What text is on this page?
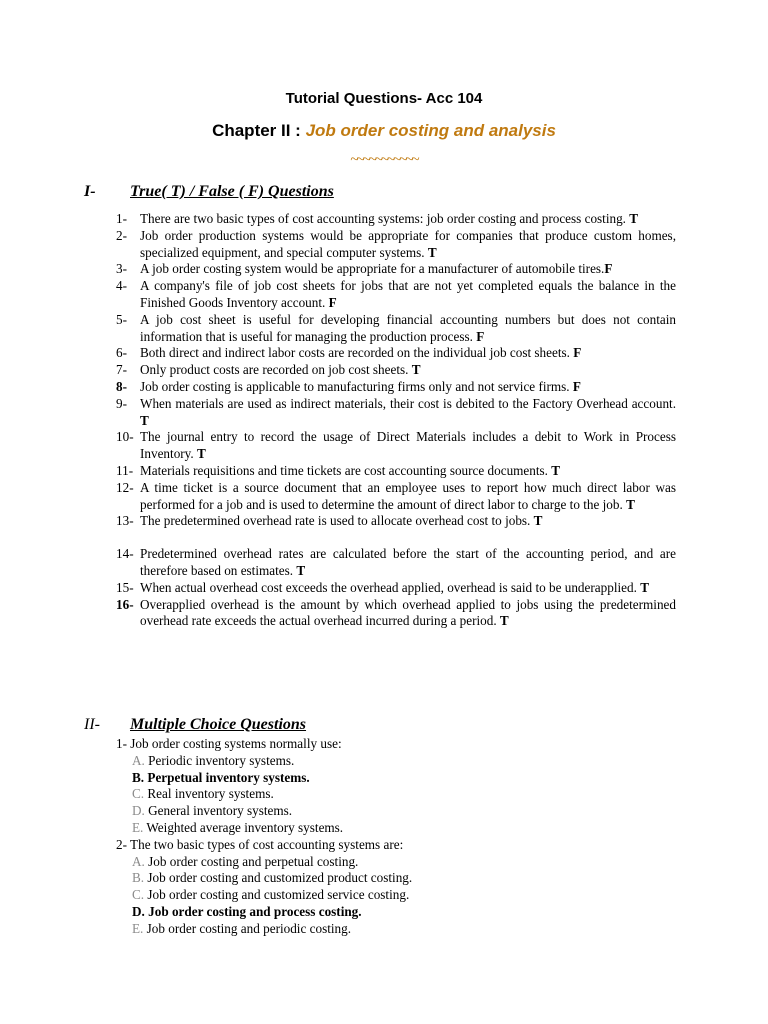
Tutorial Questions- Acc 104
Chapter II : Job order costing and analysis
~~~~~~~~~~~
I- True( T) / False ( F) Questions
1- There are two basic types of cost accounting systems: job order costing and process costing. T
2- Job order production systems would be appropriate for companies that produce custom homes, specialized equipment, and special computer systems. T
3- A job order costing system would be appropriate for a manufacturer of automobile tires.F
4- A company's file of job cost sheets for jobs that are not yet completed equals the balance in the Finished Goods Inventory account. F
5- A job cost sheet is useful for developing financial accounting numbers but does not contain information that is useful for managing the production process. F
6- Both direct and indirect labor costs are recorded on the individual job cost sheets. F
7- Only product costs are recorded on job cost sheets. T
8- Job order costing is applicable to manufacturing firms only and not service firms. F
9- When materials are used as indirect materials, their cost is debited to the Factory Overhead account. T
10- The journal entry to record the usage of Direct Materials includes a debit to Work in Process Inventory. T
11- Materials requisitions and time tickets are cost accounting source documents. T
12- A time ticket is a source document that an employee uses to report how much direct labor was performed for a job and is used to determine the amount of direct labor to charge to the job. T
13- The predetermined overhead rate is used to allocate overhead cost to jobs. T
14- Predetermined overhead rates are calculated before the start of the accounting period, and are therefore based on estimates. T
15- When actual overhead cost exceeds the overhead applied, overhead is said to be underapplied. T
16- Overapplied overhead is the amount by which overhead applied to jobs using the predetermined overhead rate exceeds the actual overhead incurred during a period. T
II- Multiple Choice Questions
1- Job order costing systems normally use:
A. Periodic inventory systems.
B. Perpetual inventory systems.
C. Real inventory systems.
D. General inventory systems.
E. Weighted average inventory systems.
2- The two basic types of cost accounting systems are:
A. Job order costing and perpetual costing.
B. Job order costing and customized product costing.
C. Job order costing and customized service costing.
D. Job order costing and process costing.
E. Job order costing and periodic costing.
